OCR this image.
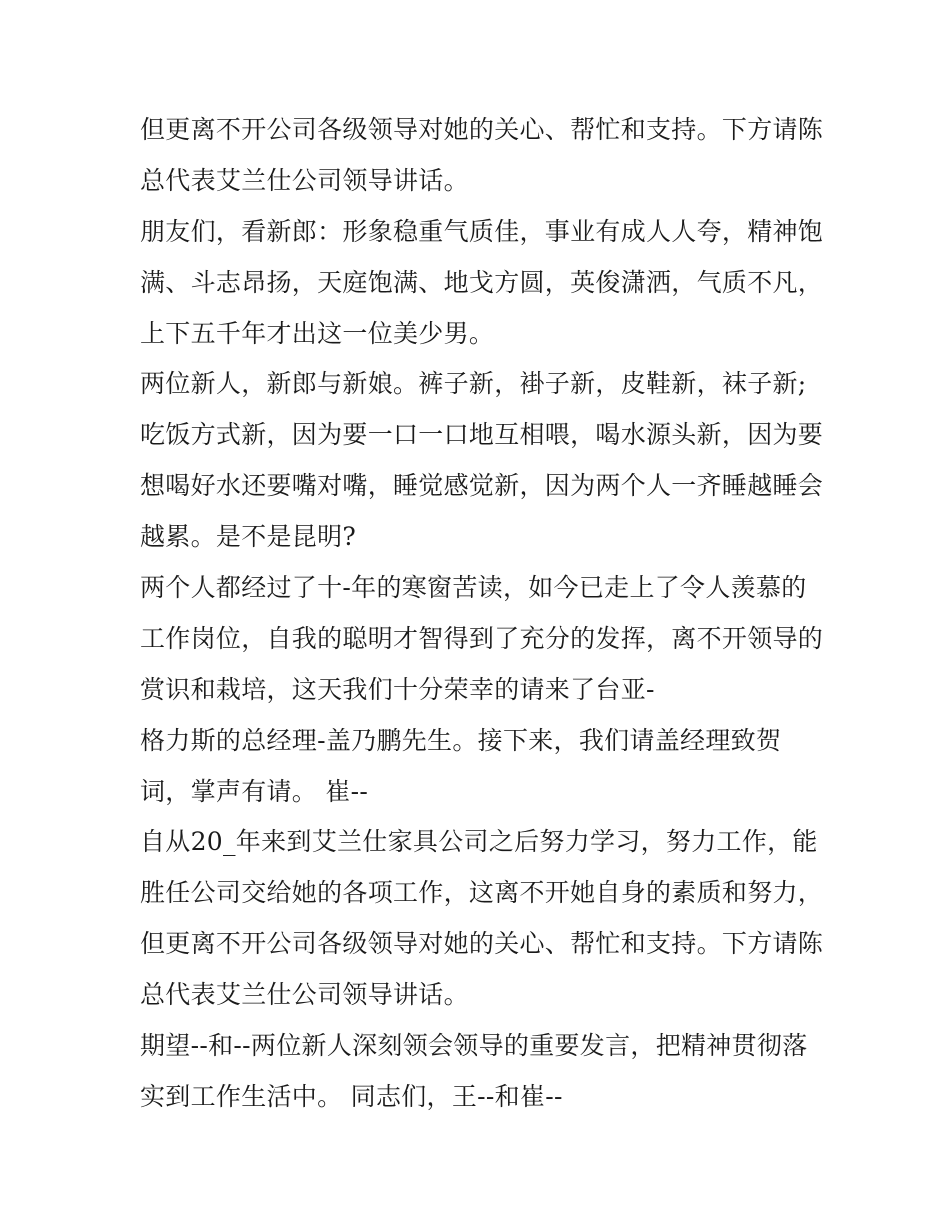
但更离不开公司各级领导对她的关心、帮忙和支持。下方请陈
总代表艾兰仕公司领导讲话。
朋友们，看新郎：形象稳重气质佳，事业有成人人夸，精神饱
满、斗志昂扬，天庭饱满、地戈方圆，英俊潇洒，气质不凡，
上下五千年才出这一位美少男。
两位新人，新郎与新娘。裤子新，褂子新，皮鞋新，袜子新;
吃饭方式新，因为要一口一口地互相喂，喝水源头新，因为要
想喝好水还要嘴对嘴，睡觉感觉新，因为两个人一齐睡越睡会
越累。是不是昆明?
两个人都经过了十-年的寒窗苦读，如今已走上了令人羡慕的
工作岗位，自我的聪明才智得到了充分的发挥，离不开领导的
赏识和栽培，这天我们十分荣幸的请来了台亚-
格力斯的总经理-盖乃鹏先生。接下来，我们请盖经理致贺
词，掌声有请。 崔--
自从20_年来到艾兰仕家具公司之后努力学习，努力工作，能
胜任公司交给她的各项工作，这离不开她自身的素质和努力，
但更离不开公司各级领导对她的关心、帮忙和支持。下方请陈
总代表艾兰仕公司领导讲话。
期望--和--两位新人深刻领会领导的重要发言，把精神贯彻落
实到工作生活中。 同志们，王--和崔--
